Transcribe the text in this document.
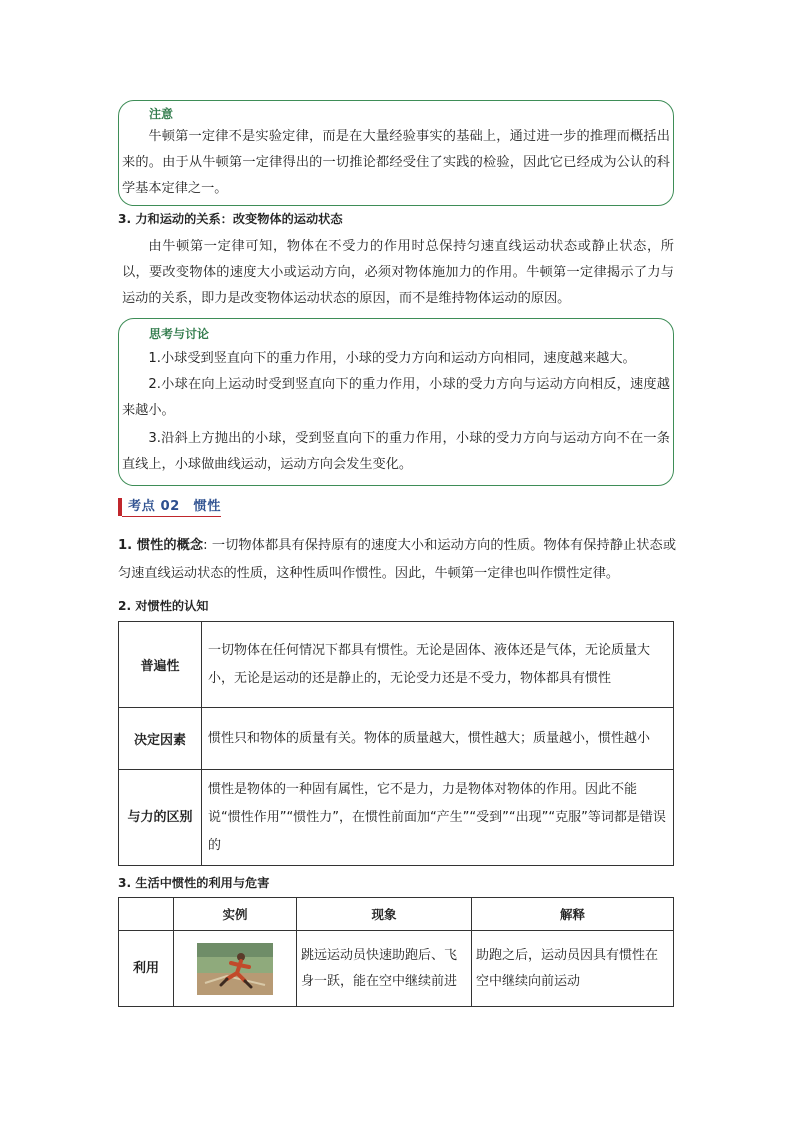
注意

牛顿第一定律不是实验定律，而是在大量经验事实的基础上，通过进一步的推理而概括出来的。由于从牛顿第一定律得出的一切推论都经受住了实践的检验，因此它已经成为公认的科学基本定律之一。

3. 力和运动的关系：改变物体的运动状态

由牛顿第一定律可知，物体在不受力的作用时总保持匀速直线运动状态或静止状态，所以，要改变物体的速度大小或运动方向，必须对物体施加力的作用。牛顿第一定律揭示了力与运动的关系，即力是改变物体运动状态的原因，而不是维持物体运动的原因。

思考与讨论

1.小球受到竖直向下的重力作用，小球的受力方向和运动方向相同，速度越来越大。

2.小球在向上运动时受到竖直向下的重力作用，小球的受力方向与运动方向相反，速度越来越小。

3.沿斜上方抛出的小球，受到竖直向下的重力作用，小球的受力方向与运动方向不在一条直线上，小球做曲线运动，运动方向会发生变化。

考点 02　惯性

1. 惯性的概念: 一切物体都具有保持原有的速度大小和运动方向的性质。物体有保持静止状态或匀速直线运动状态的性质，这种性质叫作惯性。因此，牛顿第一定律也叫作惯性定律。

2. 对惯性的认知

普遍性	一切物体在任何情况下都具有惯性。无论是固体、液体还是气体，无论质量大小，无论是运动的还是静止的，无论受力还是不受力，物体都具有惯性
决定因素	惯性只和物体的质量有关。物体的质量越大，惯性越大；质量越小，惯性越小
与力的区别	惯性是物体的一种固有属性，它不是力，力是物体对物体的作用。因此不能说“惯性作用”“惯性力”，在惯性前面加“产生”“受到”“出现”“克服”等词都是错误的

3. 生活中惯性的利用与危害

	实例	现象	解释
利用		跳远运动员快速助跑后、飞身一跃，能在空中继续前进	助跑之后，运动员因具有惯性在空中继续向前运动
